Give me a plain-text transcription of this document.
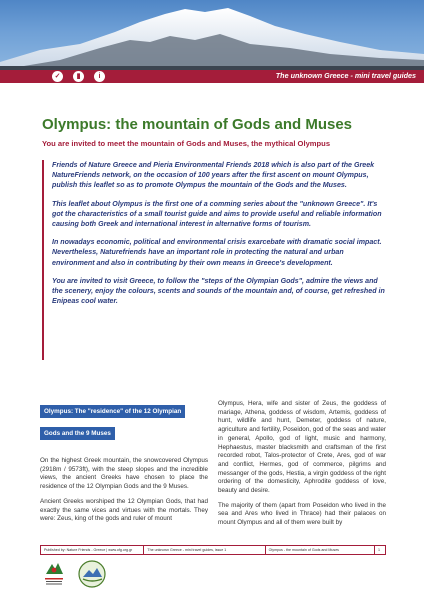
✓	▮	i	The unknown Greece - mini travel guides
Olympus: the mountain of Gods and Muses
You are invited to meet the mountain of Gods and Muses, the mythical Olympus

Friends of Nature Greece and Pieria Environmental Friends 2018 which is also part of the Greek NatureFriends network, on the occasion of 100 years after the first ascent on mount Olympus, publish this leaflet so as to promote Olympus the mountain of the Gods and the Muses.

This leaflet about Olympus is the first one of a comming series about the "unknown Greece". It's got the characteristics of a small tourist guide and aims to provide useful and reliable information causing both Greek and international interest in alternative forms of tourism.

In nowadays economic, political and environmental crisis exarcebate with dramatic social impact. Nevertheless, Naturefriends have an important role in protecting the natural and urban environment and also in contributing by their own means in Greece's development.

You are invited to visit Greece, to follow the "steps of the Olympian Gods", admire the views and the scenery, enjoy the colours, scents and sounds of the mountain and, of course, get refreshed in Enipeas cool water.

Olympus: The "residence" of the 12 Olympian
Gods and the 9 Muses

On the highest Greek mountain, the snowcovered Olympus (2918m / 9573ft), with the steep slopes and the incredible views, the ancient Greeks have chosen to place the residence of the 12 Olympian Gods and the 9 Muses.

Ancient Greeks worshiped the 12 Olympian Gods, that had exactly the same vices and virtues with the mortals. They were: Zeus, king of the gods and ruler of mount

Olympus, Hera, wife and sister of Zeus, the goddess of mariage, Athena, goddess of wisdom, Artemis, goddess of hunt, wildlife and hunt, Demeter, goddess of nature, agriculture and fertility, Poseidon, god of the seas and water in general, Apollo, god of light, music and harmony, Hephaestus, master blacksmith and craftsman of the first recorded robot, Talos-protector of Crete, Ares, god of war and conflict, Hermes, god of commerce, pilgrims and messanger of the gods, Hestia, a virgin goddess of the right ordering of the domesticity, Aphrodite goddess of love, beauty and desire.

The majority of them (apart from Poseidon who lived in the sea and Ares who lived in Thrace) had their palaces on mount Olympus and all of them were built by

Published by: Nature Friends - Greece | www.ofg.org.gr	The unknown Greece - mini travel guides, issue 1	Olympus - the mountain of Gods and Muses	1
